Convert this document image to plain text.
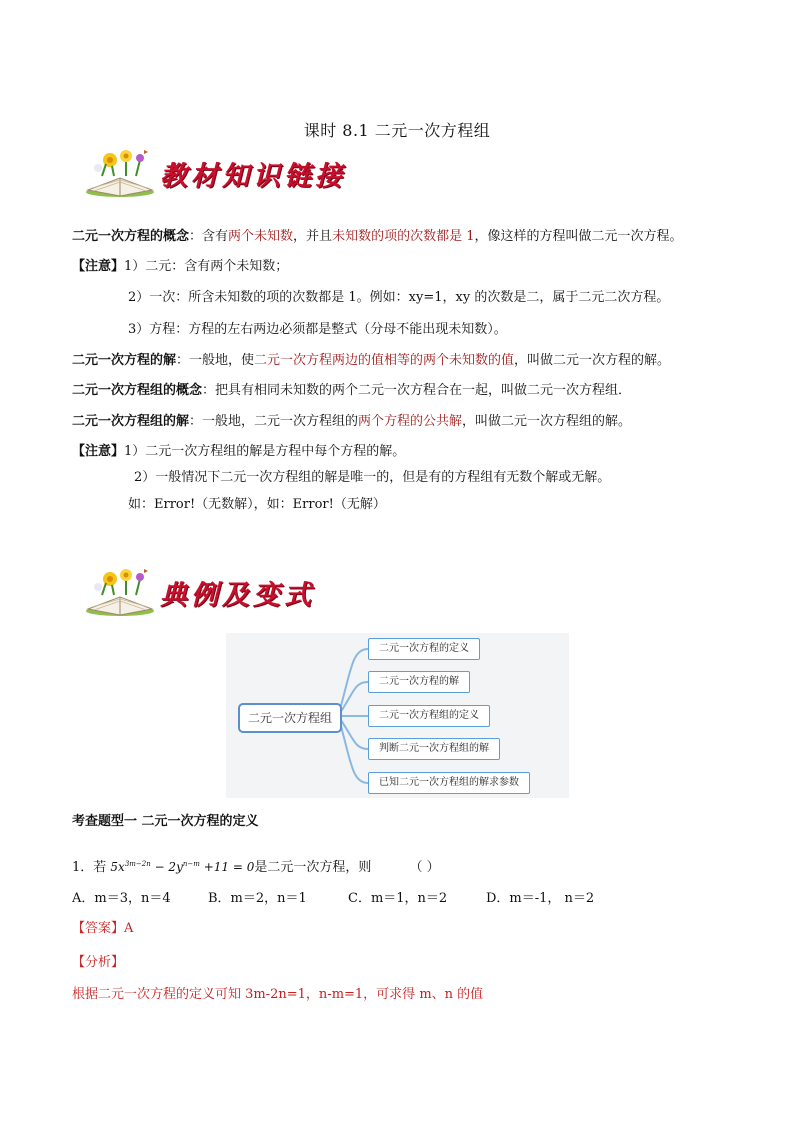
课时 8.1 二元一次方程组
教材知识链接
二元一次方程的概念：含有两个未知数，并且未知数的项的次数都是 1，像这样的方程叫做二元一次方程。
【注意】1）二元：含有两个未知数；
2）一次：所含未知数的项的次数都是 1。例如：xy=1，xy 的次数是二，属于二元二次方程。
3）方程：方程的左右两边必须都是整式（分母不能出现未知数）。
二元一次方程的解：一般地，使二元一次方程两边的值相等的两个未知数的值，叫做二元一次方程的解。
二元一次方程组的概念：把具有相同未知数的两个二元一次方程合在一起，叫做二元一次方程组．
二元一次方程组的解：一般地，二元一次方程组的两个方程的公共解，叫做二元一次方程组的解。
【注意】1）二元一次方程组的解是方程中每个方程的解。
2）一般情况下二元一次方程组的解是唯一的，但是有的方程组有无数个解或无解。
如：Error!（无数解），如：Error!（无解）
典例及变式
二元一次方程组
二元一次方程的定义
二元一次方程的解
二元一次方程组的定义
判断二元一次方程组的解
已知二元一次方程组的解求参数
考查题型一 二元一次方程的定义
1．若 $5x^{3m-2n} - 2y^{n-m} +11 = 0$是二元一次方程，则	（ ）
A．m＝3，n＝4	B．m＝2，n＝1	C．m＝1，n＝2	D．m＝-1， n＝2
【答案】A
【分析】
根据二元一次方程的定义可知 3m-2n=1，n-m=1，可求得 m、n 的值
